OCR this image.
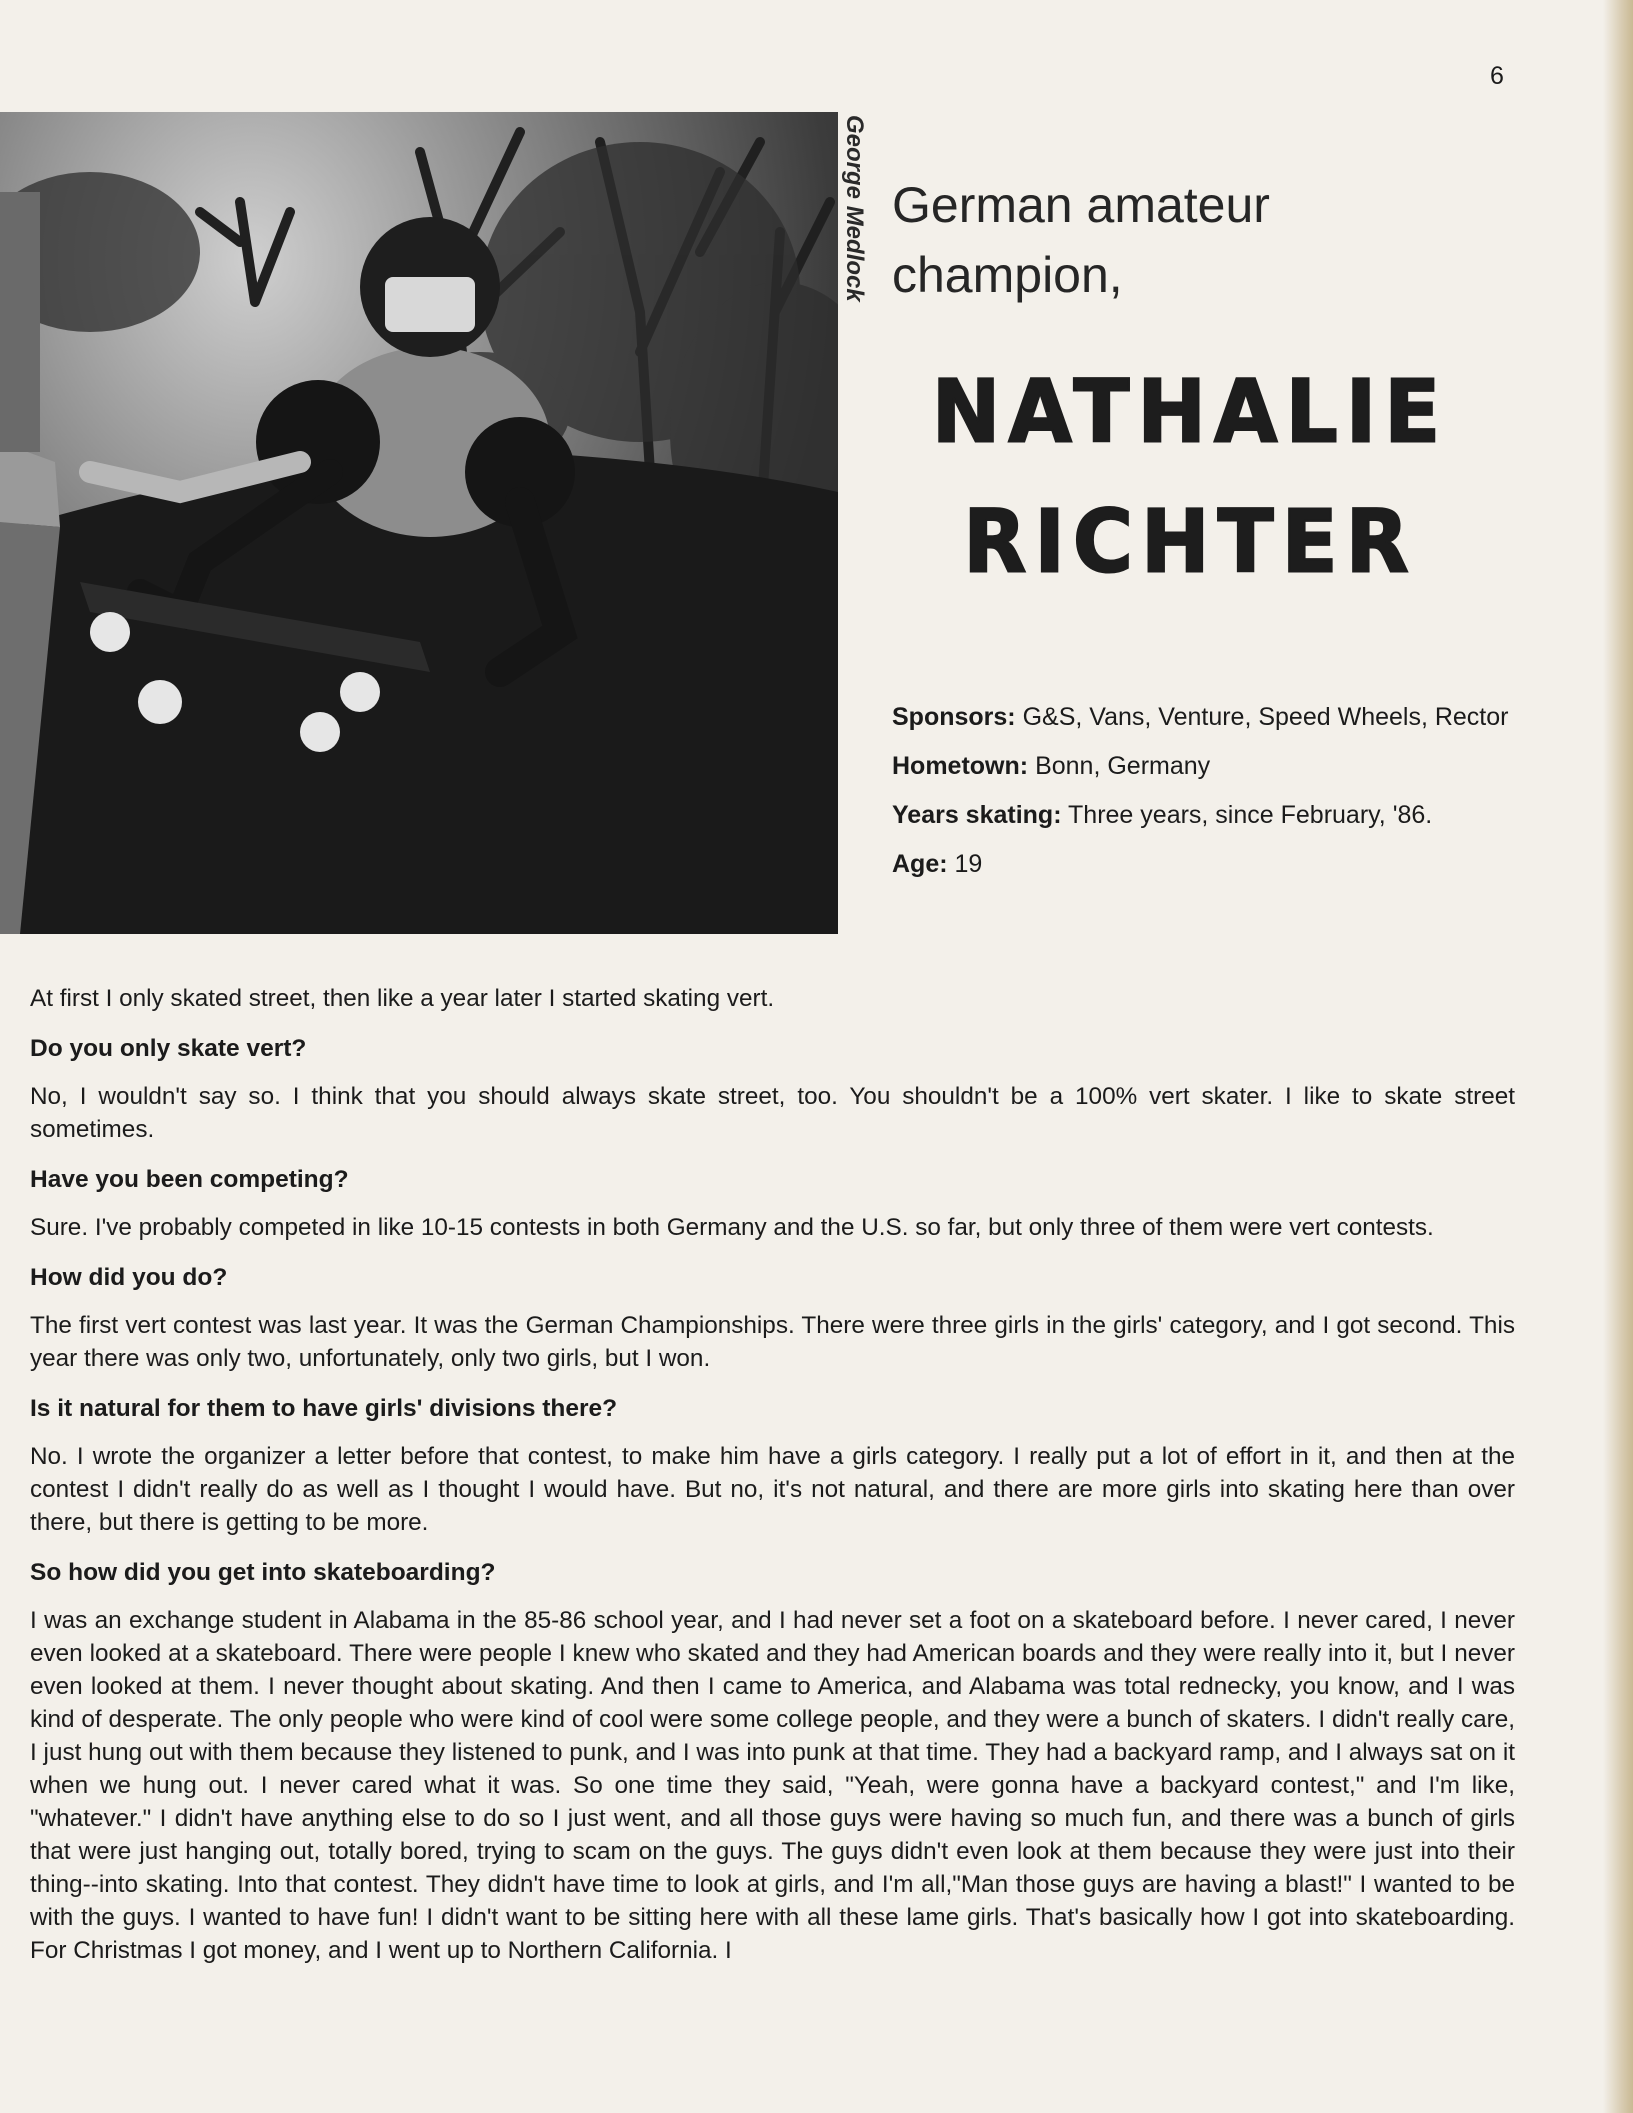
6
George Medlock German amateur
champion,
NATHALIE
RICHTER

Sponsors: G&S, Vans, Venture, Speed Wheels, Rector

Hometown: Bonn, Germany

Years skating: Three years, since February, '86.

Age: 19

At first I only skated street, then like a year later I started skating vert.

Do you only skate vert?

No, I wouldn't say so. I think that you should always skate street, too. You shouldn't be a 100% vert skater. I like to skate street sometimes.

Have you been competing?

Sure. I've probably competed in like 10-15 contests in both Germany and the U.S. so far, but only three of them were vert contests.

How did you do?

The first vert contest was last year. It was the German Championships. There were three girls in the girls' category, and I got second. This year there was only two, unfortunately, only two girls, but I won.

Is it natural for them to have girls' divisions there?

No. I wrote the organizer a letter before that contest, to make him have a girls category. I really put a lot of effort in it, and then at the contest I didn't really do as well as I thought I would have. But no, it's not natural, and there are more girls into skating here than over there, but there is getting to be more.

So how did you get into skateboarding?

I was an exchange student in Alabama in the 85-86 school year, and I had never set a foot on a skateboard before. I never cared, I never even looked at a skateboard. There were people I knew who skated and they had American boards and they were really into it, but I never even looked at them. I never thought about skating. And then I came to America, and Alabama was total rednecky, you know, and I was kind of desperate. The only people who were kind of cool were some college people, and they were a bunch of skaters. I didn't really care, I just hung out with them because they listened to punk, and I was into punk at that time. They had a backyard ramp, and I always sat on it when we hung out. I never cared what it was. So one time they said, "Yeah, were gonna have a backyard contest," and I'm like, "whatever." I didn't have anything else to do so I just went, and all those guys were having so much fun, and there was a bunch of girls that were just hanging out, totally bored, trying to scam on the guys. The guys didn't even look at them because they were just into their thing--into skating. Into that contest. They didn't have time to look at girls, and I'm all,"Man those guys are having a blast!" I wanted to be with the guys. I wanted to have fun! I didn't want to be sitting here with all these lame girls. That's basically how I got into skateboarding. For Christmas I got money, and I went up to Northern California. I
